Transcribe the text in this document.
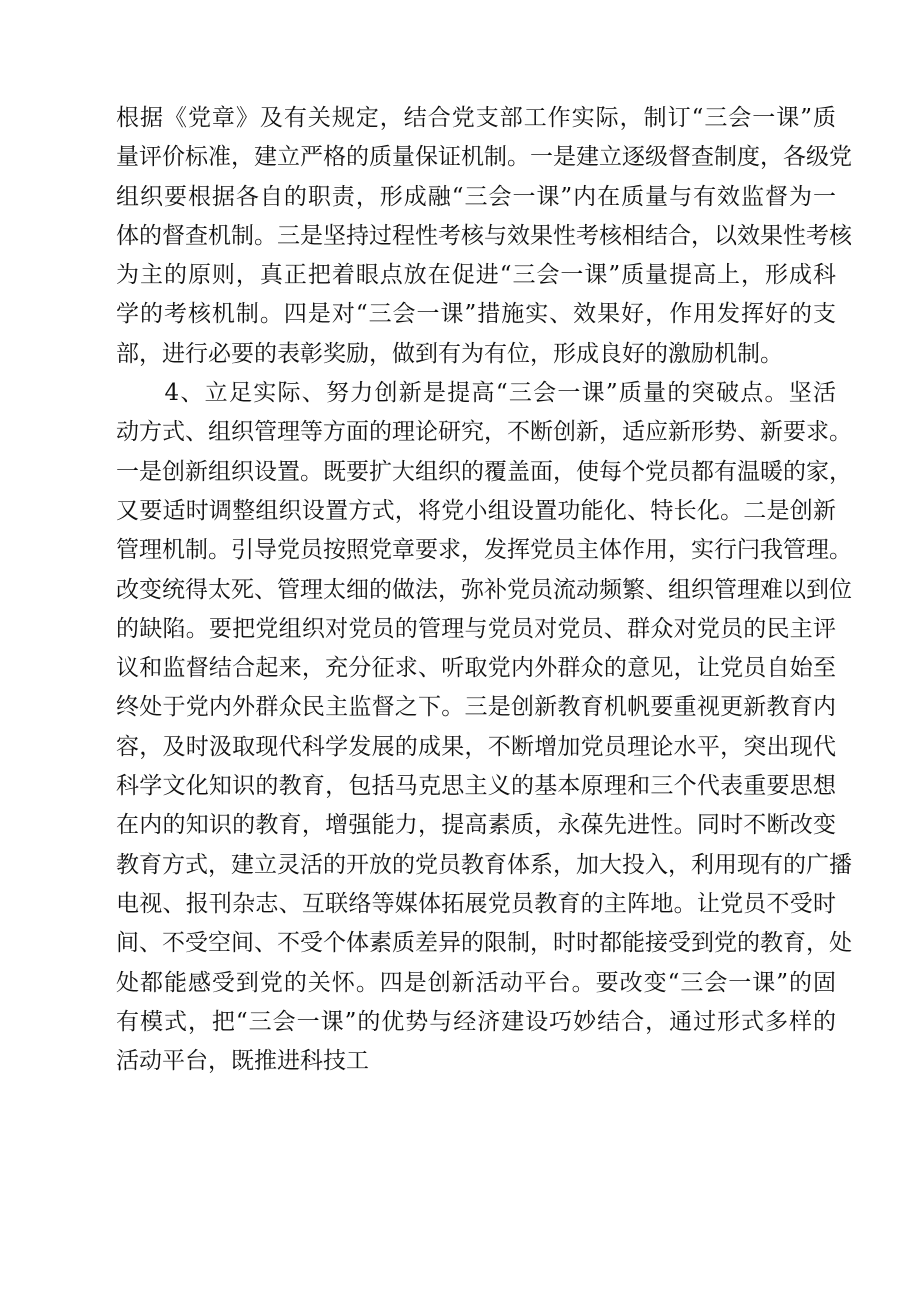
根据《党章》及有关规定，结合党支部工作实际，制订“三会一课”质
量评价标准，建立严格的质量保证机制。一是建立逐级督查制度，各级党
组织要根据各自的职责，形成融“三会一课”内在质量与有效监督为一
体的督查机制。三是坚持过程性考核与效果性考核相结合，以效果性考核
为主的原则，真正把着眼点放在促进“三会一课”质量提高上，形成科
学的考核机制。四是对“三会一课”措施实、效果好，作用发挥好的支
部，进行必要的表彰奖励，做到有为有位，形成良好的激励机制。
　　4、立足实际、努力创新是提高“三会一课”质量的突破点。坚活
动方式、组织管理等方面的理论研究，不断创新，适应新形势、新要求。
一是创新组织设置。既要扩大组织的覆盖面，使每个党员都有温暖的家，
又要适时调整组织设置方式，将党小组设置功能化、特长化。二是创新
管理机制。引导党员按照党章要求，发挥党员主体作用，实行闩我管理。
改变统得太死、管理太细的做法，弥补党员流动频繁、组织管理难以到位
的缺陷。要把党组织对党员的管理与党员对党员、群众对党员的民主评
议和监督结合起来，充分征求、听取党内外群众的意见，让党员自始至
终处于党内外群众民主监督之下。三是创新教育机帆要重视更新教育内
容，及时汲取现代科学发展的成果，不断增加党员理论水平，突出现代
科学文化知识的教育，包括马克思主义的基本原理和三个代表重要思想
在内的知识的教育，增强能力，提高素质，永葆先进性。同时不断改变
教育方式，建立灵活的开放的党员教育体系，加大投入，利用现有的广播
电视、报刊杂志、互联络等媒体拓展党员教育的主阵地。让党员不受时
间、不受空间、不受个体素质差异的限制，时时都能接受到党的教育，处
处都能感受到党的关怀。四是创新活动平台。要改变“三会一课”的固
有模式，把“三会一课”的优势与经济建设巧妙结合，通过形式多样的
活动平台，既推进科技工
